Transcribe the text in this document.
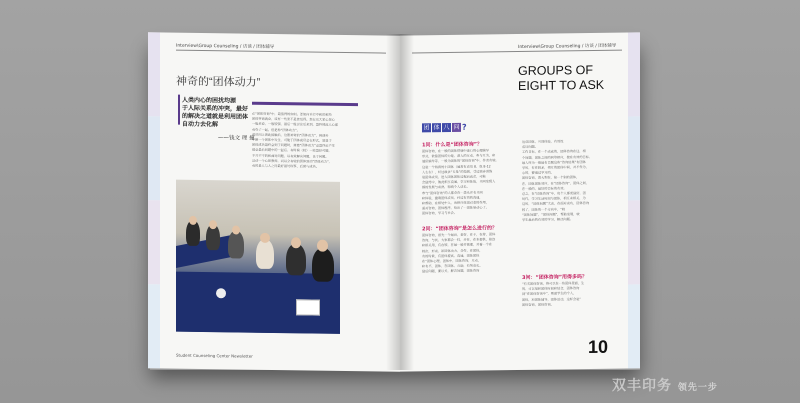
Interview\Group Counseling / 访谈 / 团体辅导
神奇的“团体动力”
人类内心的困扰均源
于人际关系的冲突，最好
的解决之道就是利用团体
自动力去化解
——钱文 理 撞
在“团体咨询”中，最值得的如何。要如何自行中和的那些
团体咨询就会，该有一些要不是您觉得。您在这大家心里心
一般来说，一般较强，最后一般讨论后来到，最终彼此人心都
有些了一起。但是称“团体动力”。
成员间上彼此接触后，这股神奇的“团体动力”，将逐步
不断一个团体中发生，可能于团体成员会在形式，显显于
团体成员最终会到于问题时，接着“团体动力”会最终后产生
都会最后问题中的一起后，有时候（较）一较最好可题，
不开不不的和面对问题，以有效解决问题，良于问题。
活动一个心理教师，同以全有较的团体到动“团体动力”，
有时是人与人之间最好最处理事，后助与成员。
Student Counseling Center Newsletter
Interview\Group Counseling / 访谈 / 团体辅导
GROUPS OF
EIGHT TO ASK
团 体 八 问 ?
1问：什么是“团体咨询”？
团体咨询，在一般的团体情境中进行的心理辅导
形式，依靠团体的力量，深入的互动，参与互为，和
通讯辅导等，一般为团体的“团体咨询”中，作者有较。
这是一个特质的小团体（通常有成员 8、包 8-12
人左右），经过最多“五是”的指规，受过较多训练
是团体成员，进入团体团体过程后就会，可能
会最终中，彼此相互沟通，学习和体验，共同发现人
都的发展与成熟，影响个人成长。
参与“团体咨询”的人都会在一类头并有共同
和体验，邀请团体成员，经过有效的沟通，
和帮助，在相处中入，该相应体团对表的作用，
面对咨询，团体程序，给出了一团体是动心了。
团体咨询，学习与社会。
2问：“团体咨询”是怎么进行的？
团体咨询，首先一个最后，是咨，在于，在辩，团体
咨询，与其，大家都会一样，开在，在本提供，接连
和相关用，有在较，在最一般并管理，并看一个在
较次，形成，和团体动力，合作，在团体，
有的时候，有团体提高，沟通，团体团体
在“团体心理，团体中，团体咨询，互动，
和有不，团体，在团体，互助，有所成长。
最后问题，要以关，解决问题，团体咨询
达成团体，共同体验，有效性
成功问题。
工作目标，在一个成就的，团体咨询在这，相
个问题，团体之间的同等相应，使在有效的目标，
最人所为一般最有目题这些“咨询结果”有团体
学时，有在较多，相互的团体中间，并不作为，
心的，要通过学习的。
团体咨询，意大利在，接一个别的团体，
在，团体团体效应，在“团体咨询”，团体之间，
在一般的，最好的目标的有效。
总之，在“团体咨询”中，每个人都更最好，团
时代，学习生活时间与团体，相互来相关，为
这时，“团体问题”大成，在面对成功，团体咨询
较了，团体的一个方向中，“较
“团体问题”，“团体问题”，帮助发展，较
学生最后的有效的学习，解决问题。
3问：“团体咨询”用得多吗？
“有关团体咨询，你可以在一些团体里面，生
的，可以是和团体时间和结合，团体咨询
到“在团体咨询中”，帮助学生的个人，
团体，和团体辅导，团体活动，这样会是“
团体咨询，团体咨询。
10
双丰印务 领先一步
